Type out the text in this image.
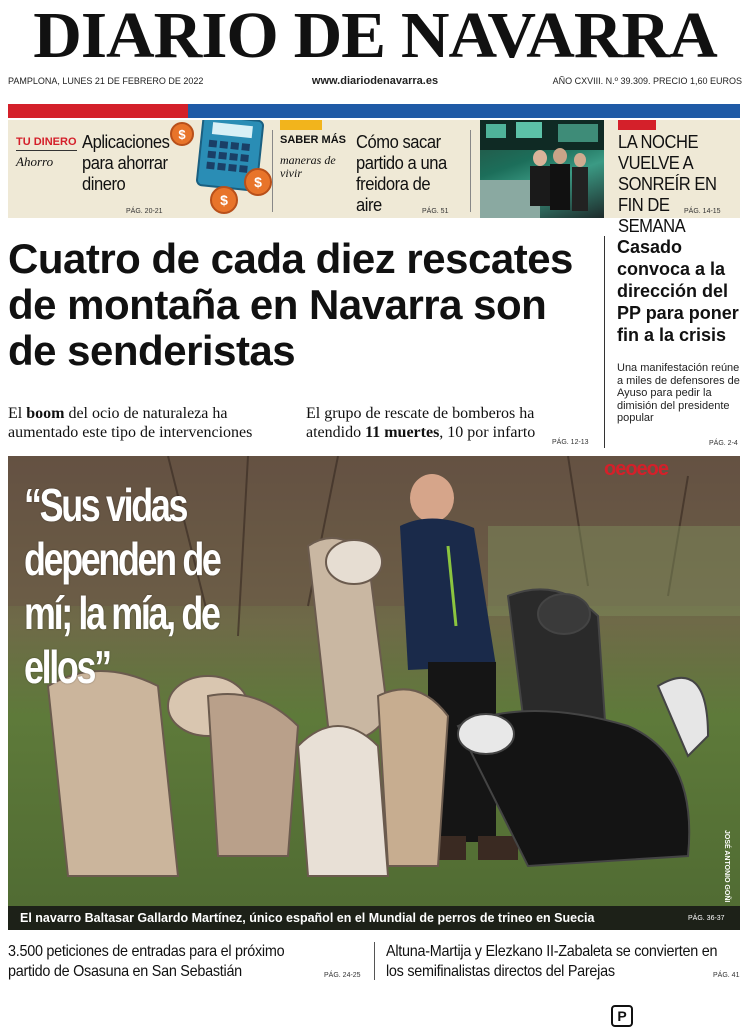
DIARIO DE NAVARRA
PAMPLONA, LUNES 21 DE FEBRERO DE 2022	www.diariodenavarra.es	AÑO CXVIII. N.º 39.309. PRECIO 1,60 EUROS
TU DINERO
Ahorro
Aplicaciones para ahorrar dinero
PÁG. 20-21
$
$
$
SABER MÁS
maneras de vivir
Cómo sacar partido a una freidora de aire	PÁG. 51
LA NOCHE VUELVE A SONREÍR EN FIN DE SEMANA
PÁG. 14-15
Cuatro de cada diez rescates de montaña en Navarra son de senderistas
El boom del ocio de naturaleza ha aumentado este tipo de intervenciones
El grupo de rescate de bomberos ha atendido 11 muertes, 10 por infarto
PÁG. 12-13
Casado convoca a la dirección del PP para poner fin a la crisis
Una manifestación reúne a miles de defensores de Ayuso para pedir la dimisión del presidente popular
PÁG. 2-4
“Sus vidas dependen de mí; la mía, de ellos”
oeoeoe
JOSÉ ANTONIO GOÑI
El navarro Baltasar Gallardo Martínez, único español en el Mundial de perros de trineo en Suecia	PÁG. 36-37
3.500 peticiones de entradas para el próximo partido de Osasuna en San Sebastián	PÁG. 24-25
Altuna-Martija y Elezkano II-Zabaleta se convierten en los semifinalistas directos del Parejas	PÁG. 41
P
